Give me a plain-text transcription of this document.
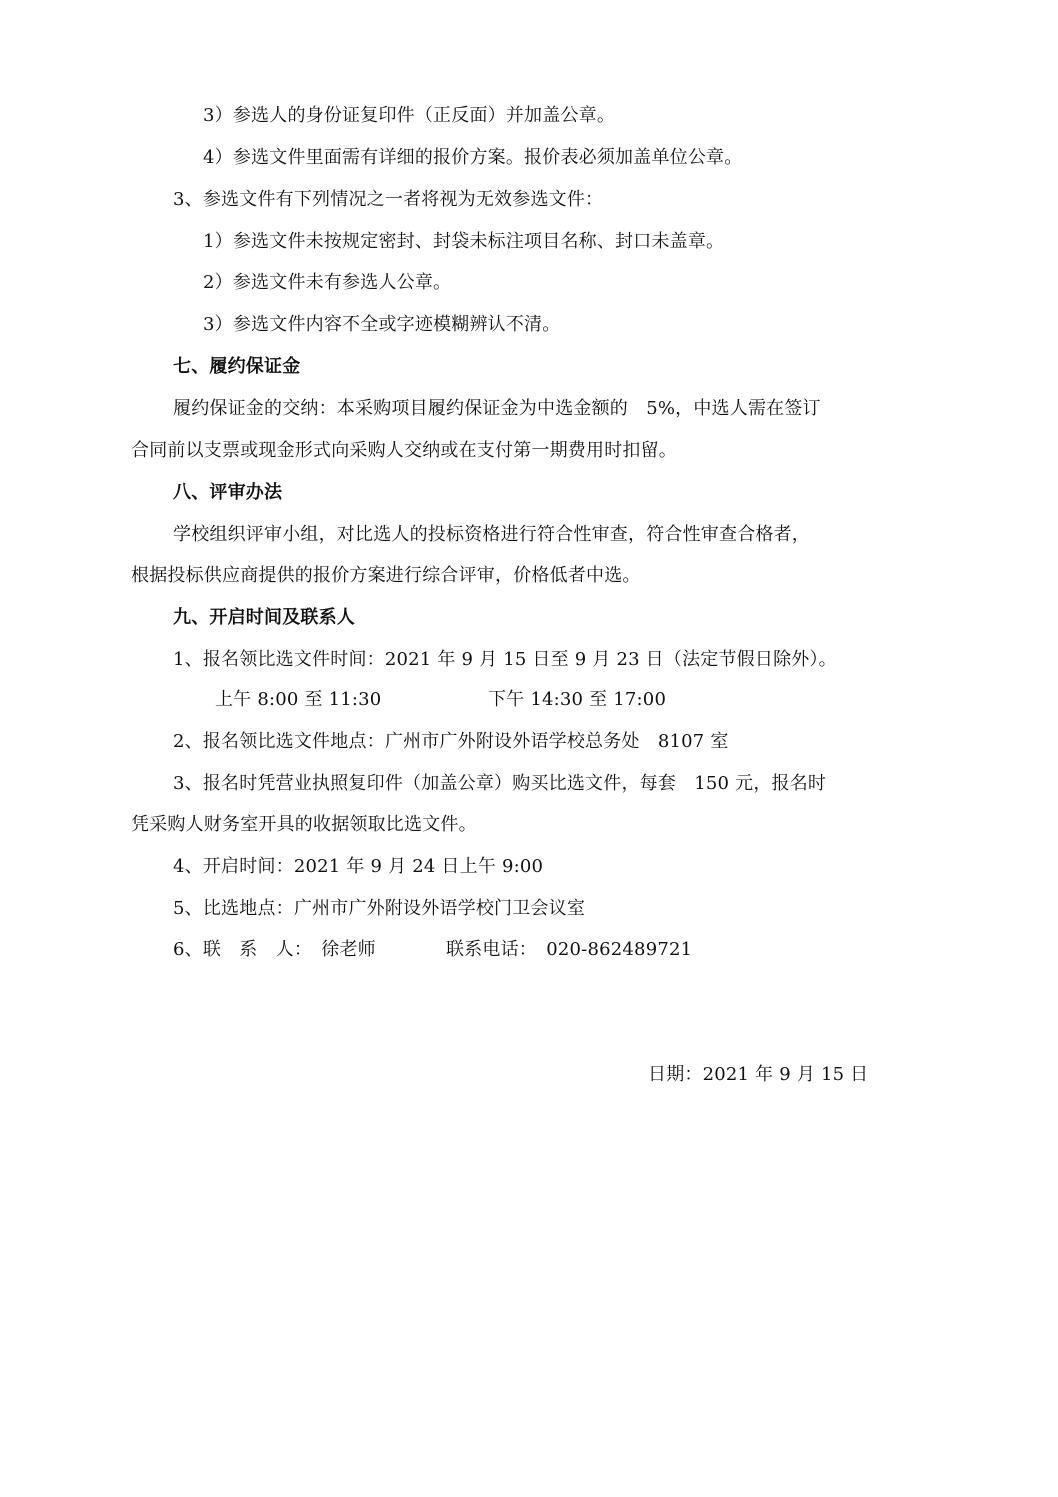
3）参选人的身份证复印件（正反面）并加盖公章。
4）参选文件里面需有详细的报价方案。报价表必须加盖单位公章。
3、参选文件有下列情况之一者将视为无效参选文件：
1）参选文件未按规定密封、封袋未标注项目名称、封口未盖章。
2）参选文件未有参选人公章。
3）参选文件内容不全或字迹模糊辨认不清。
七、履约保证金
履约保证金的交纳：本采购项目履约保证金为中选金额的　5%，中选人需在签订
合同前以支票或现金形式向采购人交纳或在支付第一期费用时扣留。
八、评审办法
学校组织评审小组，对比选人的投标资格进行符合性审查，符合性审查合格者，
根据投标供应商提供的报价方案进行综合评审，价格低者中选。
九、开启时间及联系人
1、报名领比选文件时间：2021 年 9 月 15 日至 9 月 23 日（法定节假日除外）。
上午 8:00 至 11:30	下午 14:30 至 17:00
2、报名领比选文件地点：广州市广外附设外语学校总务处　8107 室
3、报名时凭营业执照复印件（加盖公章）购买比选文件，每套　150 元，报名时
凭采购人财务室开具的收据领取比选文件。
4、开启时间：2021 年 9 月 24 日上午 9:00
5、比选地点：广州市广外附设外语学校门卫会议室
6、联　系　人：　徐老师	联系电话：　020-862489721
日期：2021 年 9 月 15 日
